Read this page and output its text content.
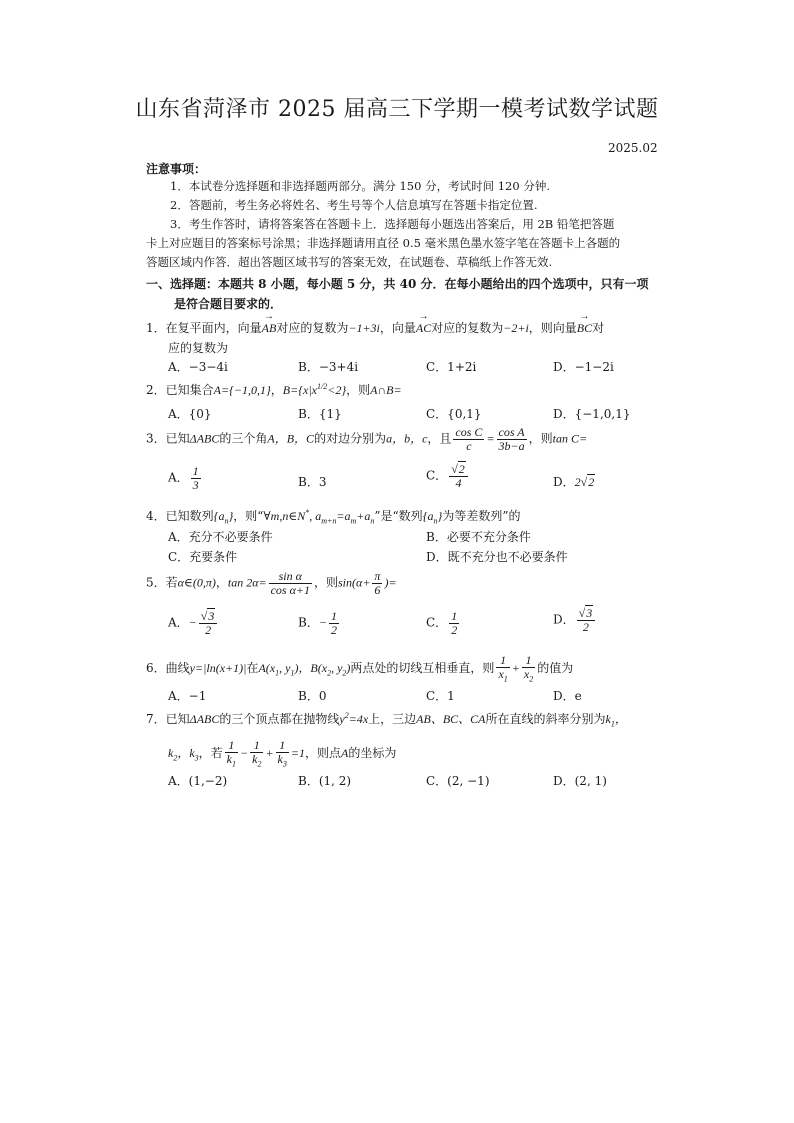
山东省菏泽市 2025 届高三下学期一模考试数学试题
2025.02
注意事项：
1．本试卷分选择题和非选择题两部分。满分 150 分，考试时间 120 分钟.
2．答题前，考生务必将姓名、考生号等个人信息填写在答题卡指定位置.
3．考生作答时，请将答案答在答题卡上．选择题每小题选出答案后，用 2B 铅笔把答题
卡上对应题目的答案标号涂黑；非选择题请用直径 0.5 毫米黑色墨水签字笔在答题卡上各题的
答题区域内作答．超出答题区域书写的答案无效，在试题卷、草稿纸上作答无效.
一、选择题：本题共 8 小题，每小题 5 分，共 40 分．在每小题给出的四个选项中，只有一项
是符合题目要求的．
1．在复平面内，向量→ AB对应的复数为−1+3i，向量→ AC对应的复数为−2+i，则向量→ BC对
应的复数为
A．−3−4i	B．−3+4i	C．1+2i	D．−1−2i
2．已知集合A={−1,0,1}，$B=\{x|x^{1/2}<2\}$，则A∩B=
A．{0}	B．{1}	C．{0,1}	D．{−1,0,1}
3．已知ΔABC的三个角A，B，C的对边分别为a，b，c，且 $\frac{\text{cos C}}{c} = \frac{\text{cos A}}{3b-a}$ ，则tan C=
A． $\frac{1}{3}$	B．3	C． $\frac{√2}{4}$	D．2√2
4．已知数列$\{a_n\}$，则“∀m,n∈N*, $a_{m+n}=a_m+a_n$”是“数列$\{a_n\}$为等差数列”的
A．充分不必要条件	B．必要不充分条件
C．充要条件	D．既不充分也不必要条件
5．若α∈(0,π)，$\tan 2\alpha= \frac{\text{sin α}}{\text{cos α+1}}$ ，则$\sin(\alpha+ \frac{\pi}{6}$ )=
A．− $\frac{√3}{2}$	B．− $\frac{1}{2}$	C． $\frac{1}{2}$	D． $\frac{√3}{2}$
6．曲线y=|ln(x+1)|在$A(x_1$, $y_1$)，$B(x_2$, $y_2$)两点处的切线互相垂直，则 $\frac{1}{x_1} + \frac{1}{x_2}$ 的值为
A．−1	B．0	C．1	D．e
7．已知ΔABC的三个顶点都在抛物线$y^2=4x$上，三边AB、BC、CA所在直线的斜率分别为$k_1$，
$k_2$，$k_3$，若 $\frac{1}{k_1} - \frac{1}{k_2} + \frac{1}{k_3} =1$，则点A的坐标为
A．(1,−2)	B．(1, 2)	C．(2, −1)	D．(2, 1)
